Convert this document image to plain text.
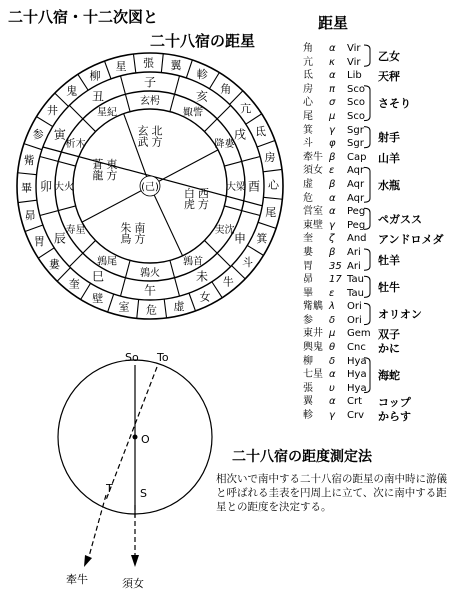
二十八宿・十二次図と
二十八宿の距星
距星
子
丑
寅
卯
辰
巳
午
未
申
酉
戌
亥
玄枵
星紀
析木
大火
寿星
鶉尾
鶉火
鶉首
実沈
大梁
降婁
娵訾
虚
危
室
壁
奎
婁
胃
昴
畢
觜
参
井
鬼
柳
星 張 翼
軫
角
亢
氐
房
心
尾
箕
斗
牛
女
北
方
玄
武
西
方
白
虎
南
方
朱
鳥
東
方
蒼
龍
(己)
角	α	Vir
亢	κ	Vir
氐	α	Lib
房	π	Sco
心	σ	Sco
尾	μ	Sco
箕	γ	Sgr
斗	φ	Sgr
牽牛 β	Cap
須女 ε	Aqr
虚	β	Aqr
危	α	Aqr
営室 α	Peg
東壁 γ	Peg
奎	ζ	And
婁	β	Ari
胃	35 Ari
昴	17 Tau
畢	ε	Tau
觜觹 λ	Ori
参	δ	Ori
東井 μ	Gem
輿鬼 θ	Cnc
柳	δ	Hya
七星 α	Hya
張	υ	Hya
翼	α	Crt
軫	γ	Crv
乙女
天秤
さそり
射手
山羊
水瓶
ペガスス
アンドロメダ
牡羊
牡牛
オリオン
双子
かに
海蛇
コップ
からす
So To
O
T S
牽牛	須女
二十八宿の距度測定法
相次いで南中する二十八宿の距星の南中時に游儀と呼ばれる圭表を円周上に立て、次に南中する距星との距度を決定する。
